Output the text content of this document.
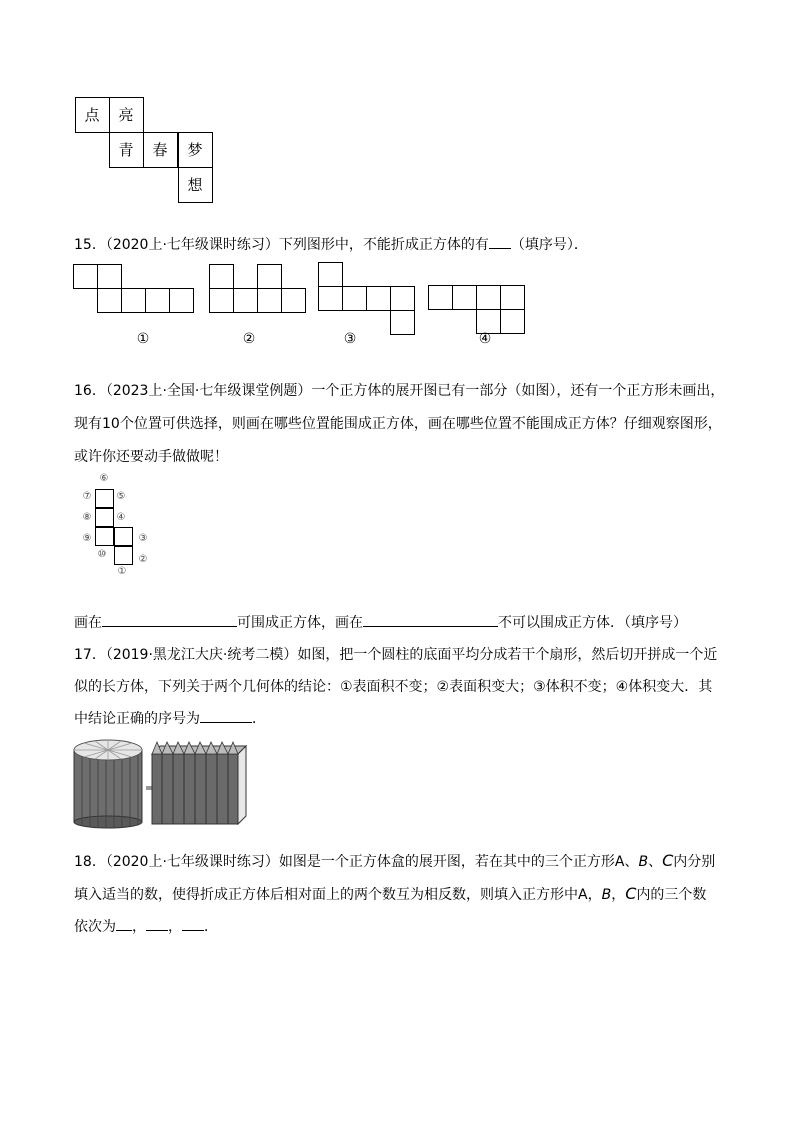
点	亮
青	春	梦
想
15．（2020上·七年级课时练习）下列图形中，不能折成正方体的有 （填序号）．
①	②	③	④
16．（2023上·全国·七年级课堂例题）一个正方体的展开图已有一部分（如图），还有一个正方形未画出，
现有10个位置可供选择，则画在哪些位置能围成正方体，画在哪些位置不能围成正方体？仔细观察图形，
或许你还要动手做做呢！
①
②
③
④
⑤
⑥
⑦
⑧
⑨
⑩
画在	可围成正方体，画在	不可以围成正方体．（填序号）
17．（2019·黑龙江大庆·统考二模）如图，把一个圆柱的底面平均分成若干个扇形，然后切开拼成一个近
似的长方体，下列关于两个几何体的结论：①表面积不变；②表面积变大；③体积不变；④体积变大．其
中结论正确的序号为	．
18．（2020上·七年级课时练习）如图是一个正方体盒的展开图，若在其中的三个正方形A、B、C内分别
填入适当的数，使得折成正方体后相对面上的两个数互为相反数，则填入正方形中A，B，C内的三个数
依次为 ， ， ．
